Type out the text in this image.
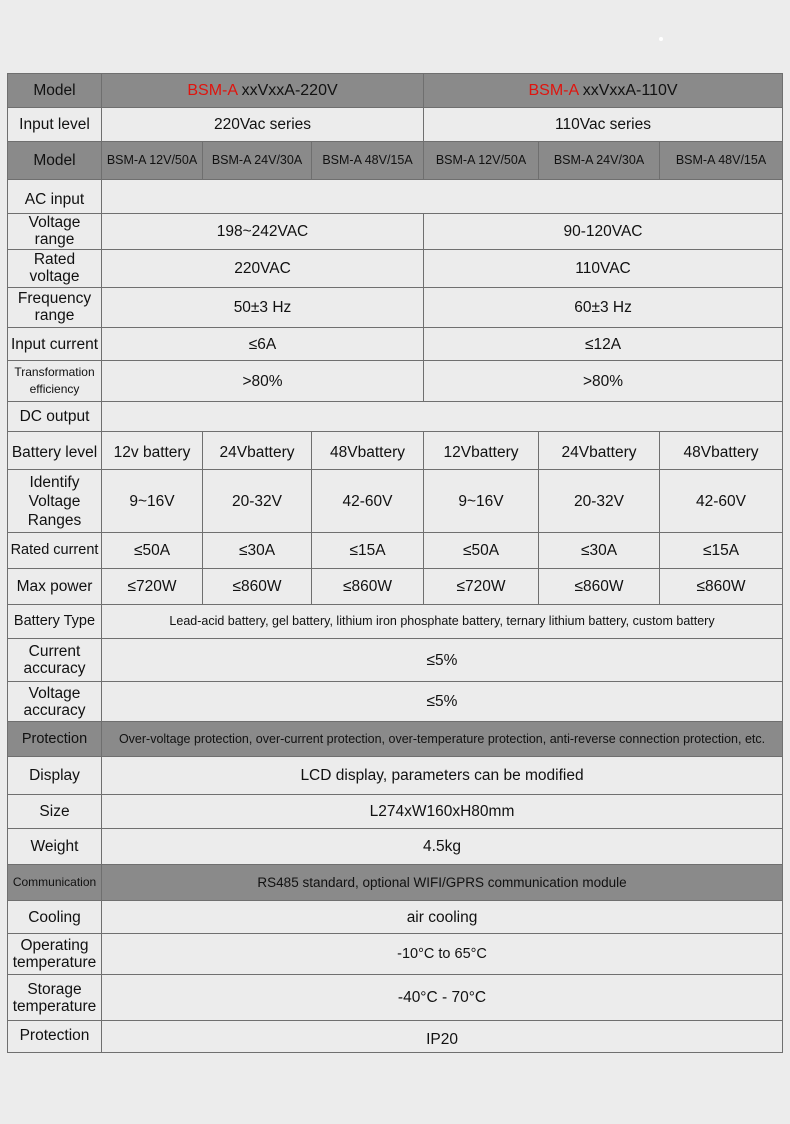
Model	BSM-A xxVxxA-220V			BSM-A xxVxxA-110V		
Input level	220Vac series			110Vac series		
Model	BSM-A 12V/50A	BSM-A 24V/30A	BSM-A 48V/15A	BSM-A 12V/50A	BSM-A 24V/30A	BSM-A 48V/15A
AC input						
Voltage range	198~242VAC			90-120VAC		
Rated voltage	220VAC			110VAC		
Frequency range	50±3 Hz			60±3 Hz		
Input current	≤6A			≤12A		
Transformation efficiency	>80%			>80%		
DC output						
Battery level	12v battery	24Vbattery	48Vbattery	12Vbattery	24Vbattery	48Vbattery
Identify Voltage Ranges	9~16V	20-32V	42-60V	9~16V	20-32V	42-60V
Rated current	≤50A	≤30A	≤15A	≤50A	≤30A	≤15A
Max power	≤720W	≤860W	≤860W	≤720W	≤860W	≤860W
Battery Type	Lead-acid battery, gel battery, lithium iron phosphate battery, ternary lithium battery, custom battery					
Current accuracy	≤5%					
Voltage accuracy	≤5%					
Protection	Over-voltage protection, over-current protection, over-temperature protection, anti-reverse connection protection, etc.					
Display	LCD display, parameters can be modified					
Size	L274xW160xH80mm					
Weight	4.5kg					
Communication	RS485 standard, optional WIFI/GPRS communication module					
Cooling	air cooling					
Operating temperature	-10°C to 65°C					
Storage temperature	-40°C - 70°C					
Protection	IP20					
